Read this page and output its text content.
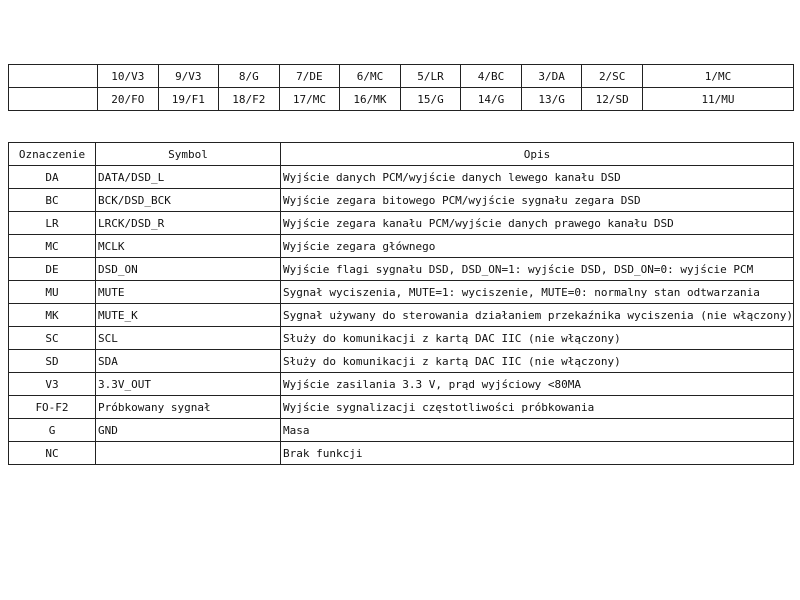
	10/V3	9/V3	8/G	7/DE	6/MC	5/LR	4/BC	3/DA	2/SC	1/MC
	20/FO	19/F1	18/F2	17/MC	16/MK	15/G	14/G	13/G	12/SD	11/MU
Oznaczenie	Symbol	Opis
DA	DATA/DSD_L	Wyjście danych PCM/wyjście danych lewego kanału DSD
BC	BCK/DSD_BCK	Wyjście zegara bitowego PCM/wyjście sygnału zegara DSD
LR	LRCK/DSD_R	Wyjście zegara kanału PCM/wyjście danych prawego kanału DSD
MC	MCLK	Wyjście zegara głównego
DE	DSD_ON	Wyjście flagi sygnału DSD, DSD_ON=1: wyjście DSD, DSD_ON=0: wyjście PCM
MU	MUTE	Sygnał wyciszenia, MUTE=1: wyciszenie, MUTE=0: normalny stan odtwarzania
MK	MUTE_K	Sygnał używany do sterowania działaniem przekaźnika wyciszenia (nie włączony)
SC	SCL	Służy do komunikacji z kartą DAC IIC (nie włączony)
SD	SDA	Służy do komunikacji z kartą DAC IIC (nie włączony)
V3	3.3V_OUT	Wyjście zasilania 3.3 V, prąd wyjściowy <80MA
FO-F2	Próbkowany sygnał	Wyjście sygnalizacji częstotliwości próbkowania
G	GND	Masa
NC		Brak funkcji
